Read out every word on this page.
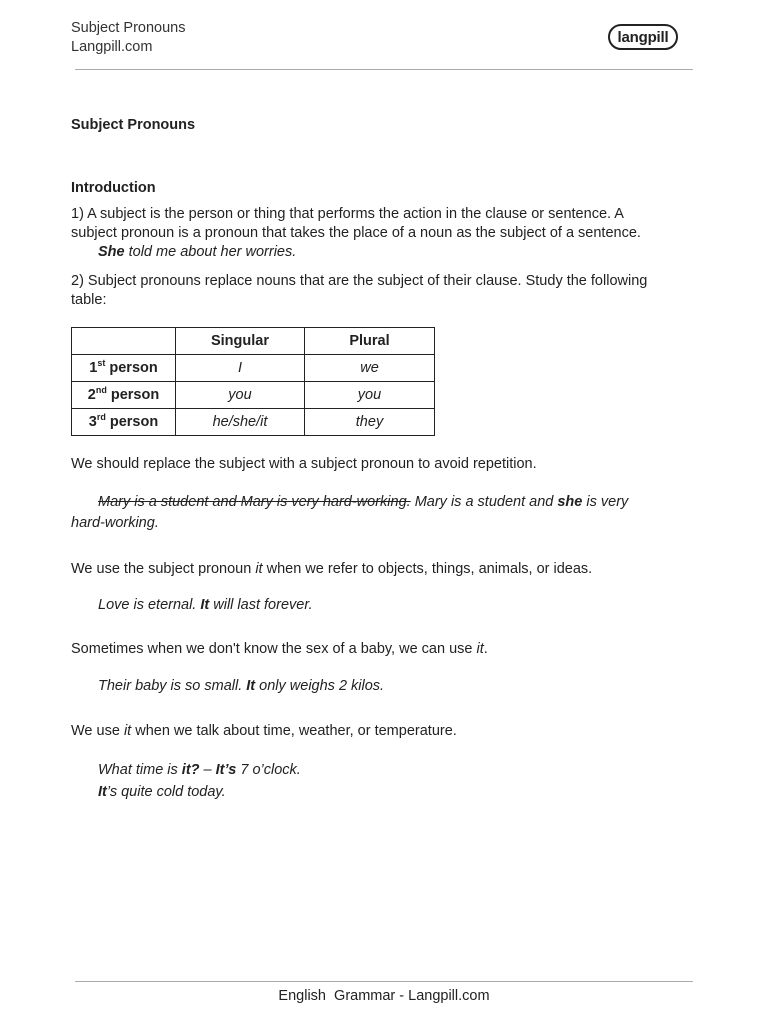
Subject Pronouns
Langpill.com
langpill
Subject Pronouns
Introduction
1) A subject is the person or thing that performs the action in the clause or sentence. A
subject pronoun is a pronoun that takes the place of a noun as the subject of a sentence.
She told me about her worries.
2) Subject pronouns replace nouns that are the subject of their clause. Study the following
table:
	Singular	Plural
1st person	I	we
2nd person	you	you
3rd person	he/she/it	they
We should replace the subject with a subject pronoun to avoid repetition.
Mary is a student and Mary is very hard-working. Mary is a student and she is very
hard-working.
We use the subject pronoun it when we refer to objects, things, animals, or ideas.
Love is eternal. It will last forever.
Sometimes when we don't know the sex of a baby, we can use it.
Their baby is so small. It only weighs 2 kilos.
We use it when we talk about time, weather, or temperature.
What time is it? – It’s 7 o’clock.
It’s quite cold today.
English  Grammar - Langpill.com
